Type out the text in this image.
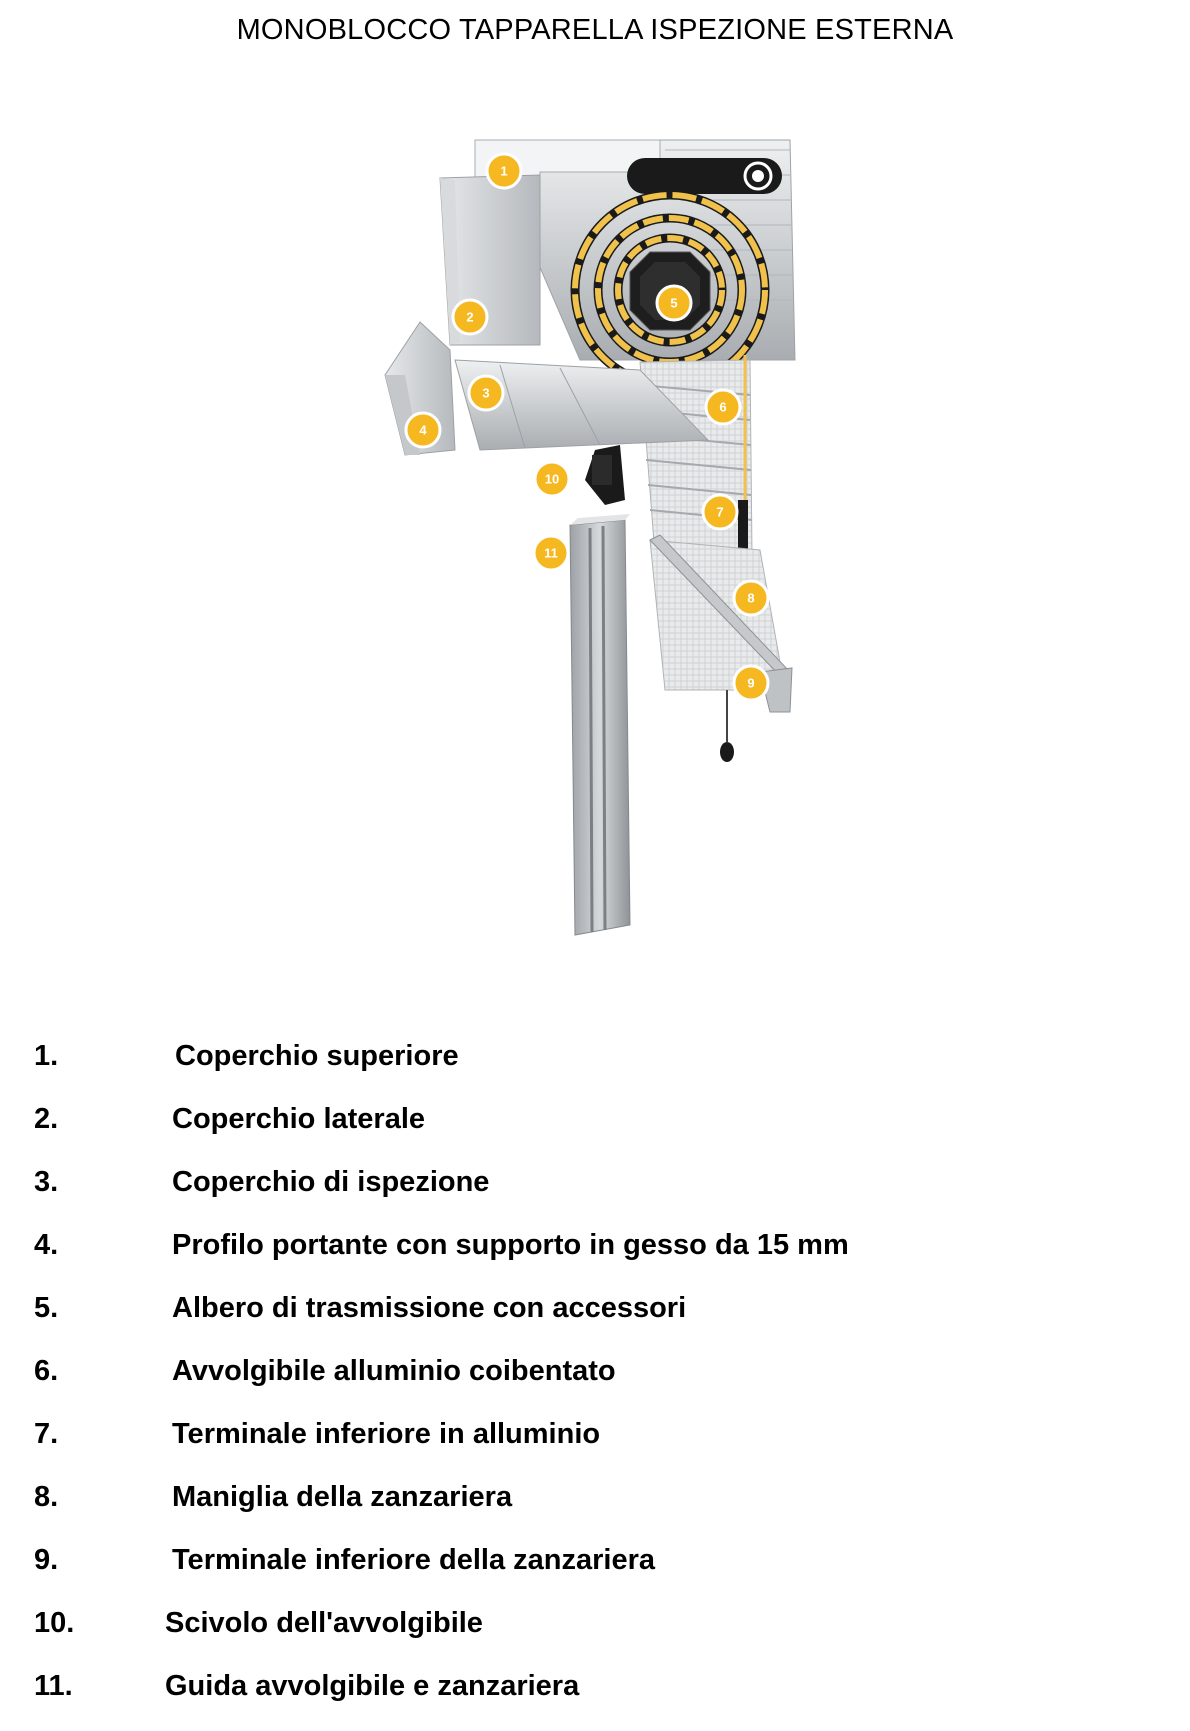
MONOBLOCCO TAPPARELLA ISPEZIONE ESTERNA
1
2
3
4
5
6
7
8
9
10
11
1.	Coperchio superiore
2.	Coperchio laterale
3.	Coperchio di ispezione
4.	Profilo portante con supporto in gesso da 15 mm
5.	Albero di trasmissione con accessori
6.	Avvolgibile alluminio coibentato
7.	Terminale inferiore in alluminio
8.	Maniglia della zanzariera
9.	Terminale inferiore della zanzariera
10.	Scivolo dell'avvolgibile
11.	Guida avvolgibile e zanzariera
